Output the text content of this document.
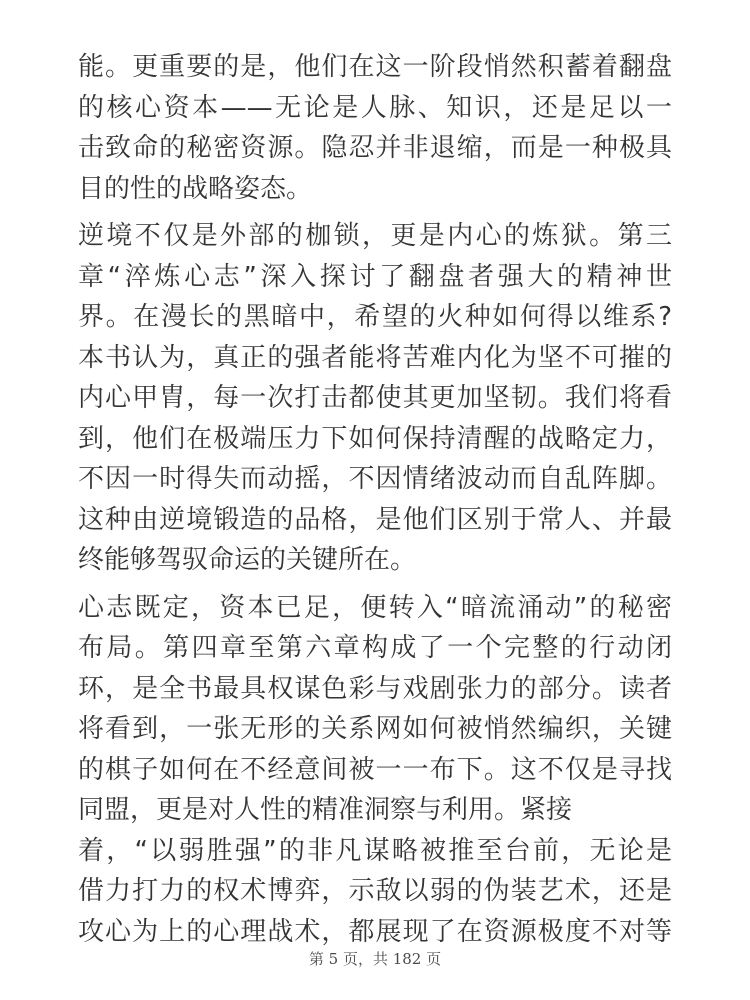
能。更重要的是，他们在这一阶段悄然积蓄着翻盘
的核心资本——无论是人脉、知识，还是足以一
击致命的秘密资源。隐忍并非退缩，而是一种极具
目的性的战略姿态。

逆境不仅是外部的枷锁，更是内心的炼狱。第三
章“淬炼心志”深入探讨了翻盘者强大的精神世
界。在漫长的黑暗中，希望的火种如何得以维系?
本书认为，真正的强者能将苦难内化为坚不可摧的
内心甲胄，每一次打击都使其更加坚韧。我们将看
到，他们在极端压力下如何保持清醒的战略定力，
不因一时得失而动摇，不因情绪波动而自乱阵脚。
这种由逆境锻造的品格，是他们区别于常人、并最
终能够驾驭命运的关键所在。

心志既定，资本已足，便转入“暗流涌动”的秘密
布局。第四章至第六章构成了一个完整的行动闭
环，是全书最具权谋色彩与戏剧张力的部分。读者
将看到，一张无形的关系网如何被悄然编织，关键
的棋子如何在不经意间被一一布下。这不仅是寻找
同盟，更是对人性的精准洞察与利用。紧接
着，“以弱胜强”的非凡谋略被推至台前，无论是
借力打力的权术博弈，示敌以弱的伪装艺术，还是
攻心为上的心理战术，都展现了在资源极度不对等

第 5 页，共 182 页
